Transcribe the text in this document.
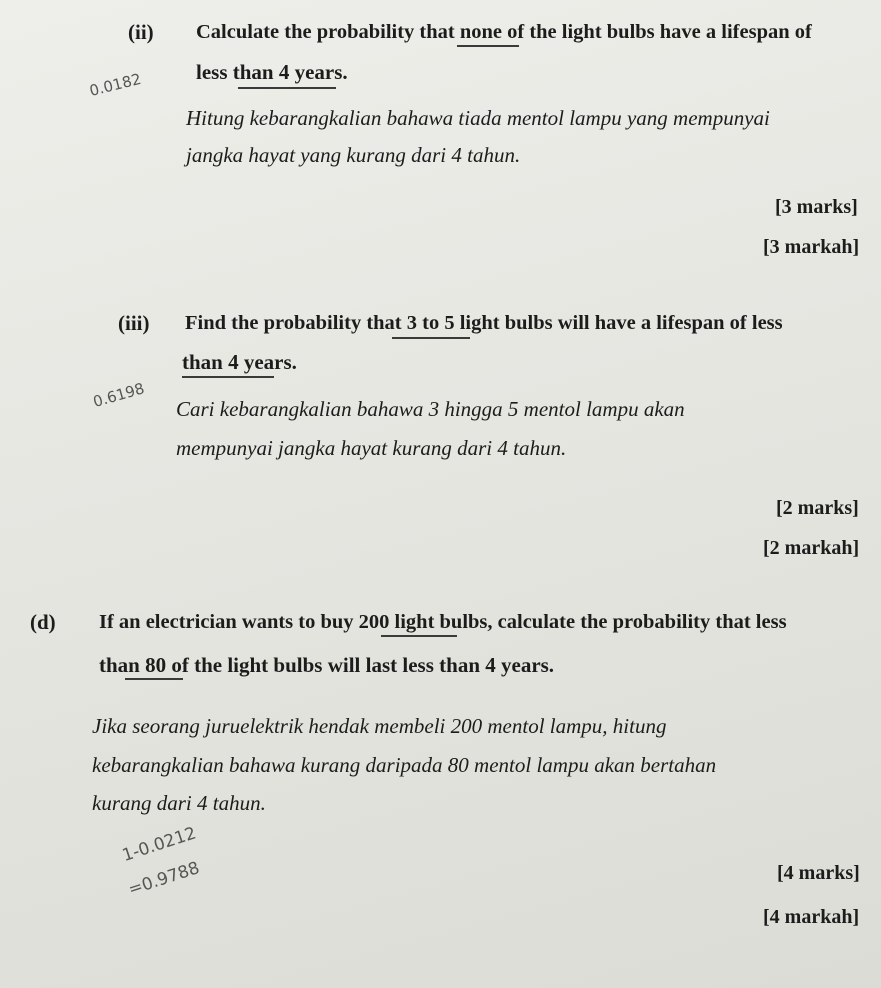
(ii) Calculate the probability that none of the light bulbs have a lifespan of
less than 4 years.
Hitung kebarangkalian bahawa tiada mentol lampu yang mempunyai
jangka hayat yang kurang dari 4 tahun.
[3 marks]
[3 markah]
0.0182
(iii) Find the probability that 3 to 5 light bulbs will have a lifespan of less
than 4 years.
Cari kebarangkalian bahawa 3 hingga 5 mentol lampu akan
mempunyai jangka hayat kurang dari 4 tahun.
[2 marks]
[2 markah]
0.6198
(d) If an electrician wants to buy 200 light bulbs, calculate the probability that less
than 80 of the light bulbs will last less than 4 years.
Jika seorang juruelektrik hendak membeli 200 mentol lampu, hitung
kebarangkalian bahawa kurang daripada 80 mentol lampu akan bertahan
kurang dari 4 tahun.
[4 marks]
[4 markah]
1-0.0212
=0.9788
